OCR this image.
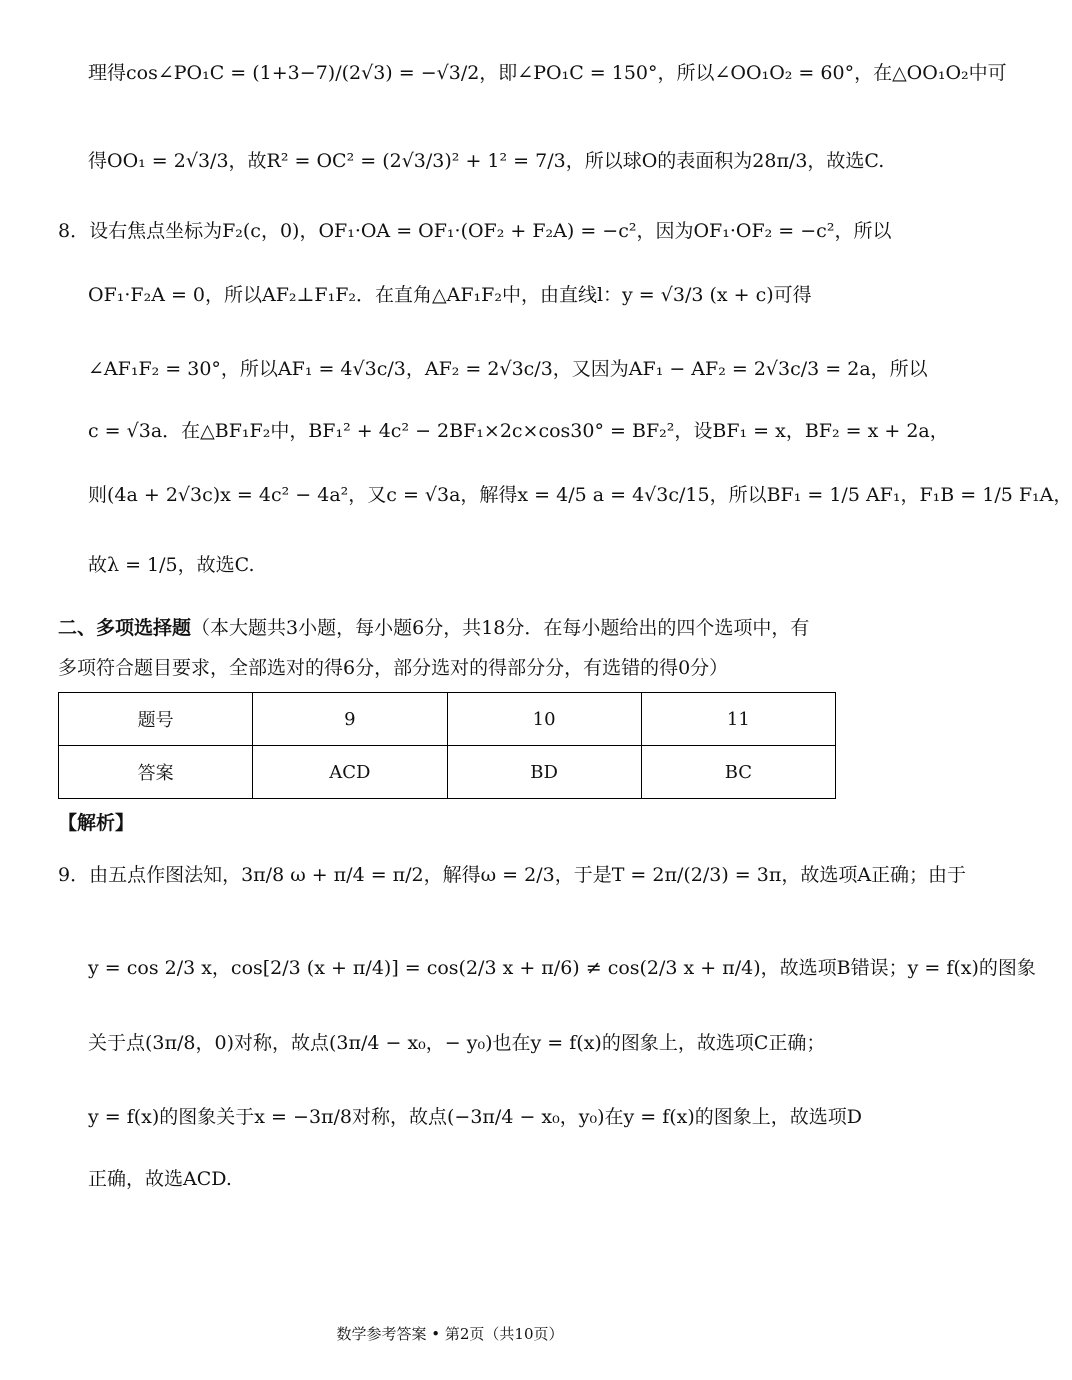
理得cos∠PO₁C = (1+3−7)/(2√3) = −√3/2，即∠PO₁C = 150°，所以∠OO₁O₂ = 60°，在△OO₁O₂中可
得OO₁ = 2√3/3，故R² = OC² = (2√3/3)² + 1² = 7/3，所以球O的表面积为28π/3，故选C.
8．设右焦点坐标为F₂(c，0)，OF₁·OA = OF₁·(OF₂ + F₂A) = −c²，因为OF₁·OF₂ = −c²，所以
OF₁·F₂A = 0，所以AF₂⊥F₁F₂．在直角△AF₁F₂中，由直线l：y = √3/3 (x + c)可得
∠AF₁F₂ = 30°，所以AF₁ = 4√3c/3，AF₂ = 2√3c/3，又因为AF₁ − AF₂ = 2√3c/3 = 2a，所以
c = √3a．在△BF₁F₂中，BF₁² + 4c² − 2BF₁×2c×cos30° = BF₂²，设BF₁ = x，BF₂ = x + 2a，
则(4a + 2√3c)x = 4c² − 4a²，又c = √3a，解得x = 4/5 a = 4√3c/15，所以BF₁ = 1/5 AF₁，F₁B = 1/5 F₁A，
故λ = 1/5，故选C.
二、多项选择题（本大题共3小题，每小题6分，共18分．在每小题给出的四个选项中，有
多项符合题目要求，全部选对的得6分，部分选对的得部分分，有选错的得0分）
题号	9	10	11
答案	ACD	BD	BC
【解析】
9．由五点作图法知，3π/8 ω + π/4 = π/2，解得ω = 2/3，于是T = 2π/(2/3) = 3π，故选项A正确；由于
y = cos 2/3 x，cos[2/3 (x + π/4)] = cos(2/3 x + π/6) ≠ cos(2/3 x + π/4)，故选项B错误；y = f(x)的图象
关于点(3π/8，0)对称，故点(3π/4 − x₀，− y₀)也在y = f(x)的图象上，故选项C正确；
y = f(x)的图象关于x = −3π/8对称，故点(−3π/4 − x₀，y₀)在y = f(x)的图象上，故选项D
正确，故选ACD.
数学参考答案 • 第2页（共10页）
